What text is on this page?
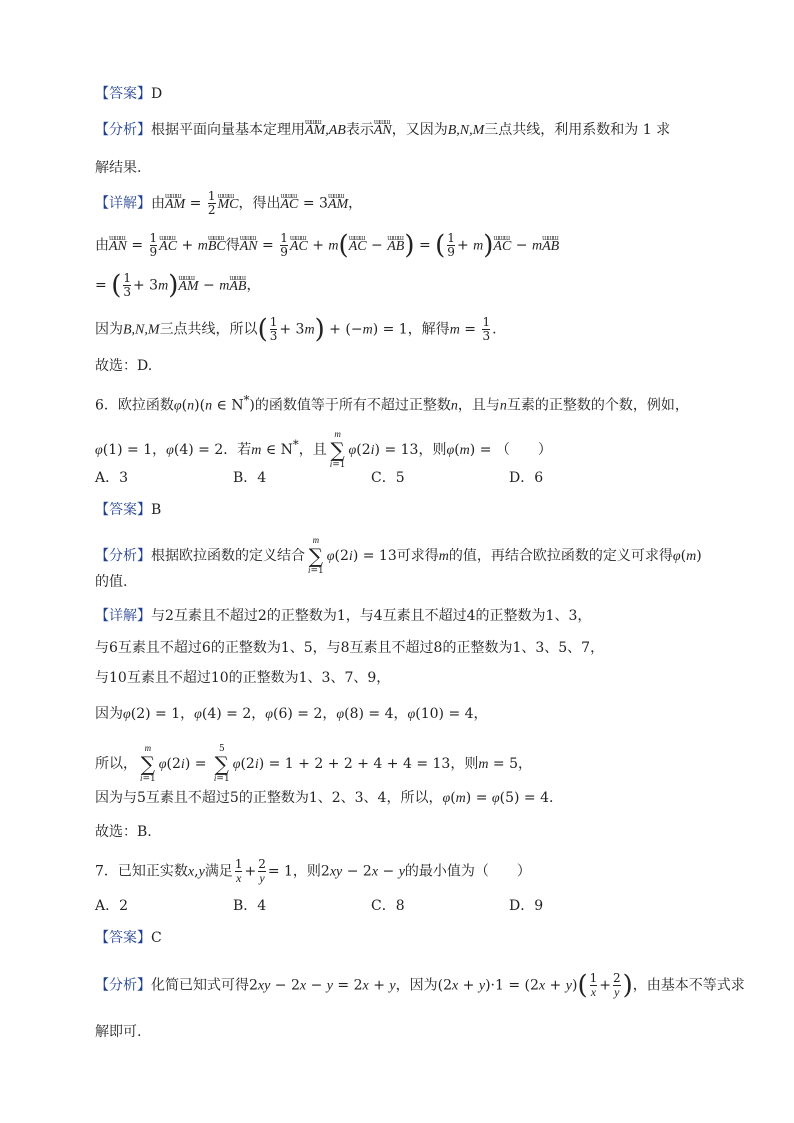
【答案】D
【分析】根据平面向量基本定理用ɯɯɯ AM,AB表示ɯɯɯ AN，又因为B,N,M三点共线，利用系数和为 1 求
解结果.
【详解】由ɯɯɯ AM = $\frac{1}{2}$ ɯɯɯ MC，得出ɯɯɯ AC = 3ɯɯɯ AM，
由ɯɯɯ AN = $\frac{1}{9}$ ɯɯɯ AC + mɯɯɯ BC得ɯɯɯ AN = $\frac{1}{9}$ ɯɯɯ AC + m(ɯɯɯ AC − ɯɯɯ AB) = ( $\frac{1}{9}$ + m)ɯɯɯ AC − mɯɯɯ AB
= ( $\frac{1}{3}$ + 3m)ɯɯɯ AM − mɯɯɯ AB，
因为B,N,M三点共线，所以( $\frac{1}{3} + 3m) + (-m) = 1$，解得$m = \frac{1}{3}$ .
故选：D.
6．欧拉函数φ(n)(n ∈ N*)的函数值等于所有不超过正整数n，且与n互素的正整数的个数，例如，
φ(1) = 1，φ(4) = 2．若m ∈ N*，且m
∑
i=1φ(2i) = 13，则φ(m) = （　　）
A．3	B．4	C．5	D．6
【答案】B
【分析】根据欧拉函数的定义结合m
∑
i=1φ(2i) = 13可求得m的值，再结合欧拉函数的定义可求得φ(m)
的值.
【详解】与2互素且不超过2的正整数为1，与4互素且不超过4的正整数为1、3，
与6互素且不超过6的正整数为1、5，与8互素且不超过8的正整数为1、3、5、7，
与10互素且不超过10的正整数为1、3、7、9，
因为φ(2) = 1，φ(4) = 2，φ(6) = 2，φ(8) = 4，φ(10) = 4，
所以，m
∑
i=1φ(2i) = 5
∑
i=1φ(2i) = 1 + 2 + 2 + 4 + 4 = 13，则m = 5，
因为与5互素且不超过5的正整数为1、2、3、4，所以，φ(m) = φ(5) = 4.
故选：B.
7．已知正实数x,y满足 $\frac{1}{x} + \frac{2}{y} = 1$，则2xy − 2x − y的最小值为（　　）
A．2	B．4	C．8	D．9
【答案】C
【分析】化简已知式可得2xy − 2x − y = 2x + y，因为$(2x + y)\cdot 1 = (2x + y)( \frac{1}{x} + \frac{2}{y}$ )，由基本不等式求
解即可.
